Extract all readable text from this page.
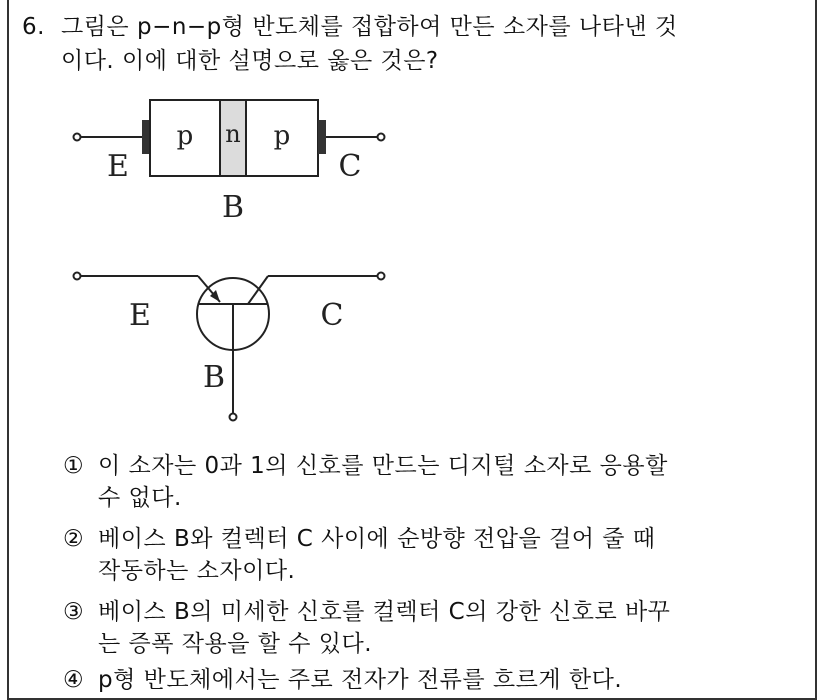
6. 그림은 p−n−p형 반도체를 접합하여 만든 소자를 나타낸 것
이다. 이에 대한 설명으로 옳은 것은?
p n p
E	C
B
E	C
B
① 이 소자는 0과 1의 신호를 만드는 디지털 소자로 응용할
수 없다.
② 베이스 B와 컬렉터 C 사이에 순방향 전압을 걸어 줄 때
작동하는 소자이다.
③ 베이스 B의 미세한 신호를 컬렉터 C의 강한 신호로 바꾸
는 증폭 작용을 할 수 있다.
④ p형 반도체에서는 주로 전자가 전류를 흐르게 한다.
